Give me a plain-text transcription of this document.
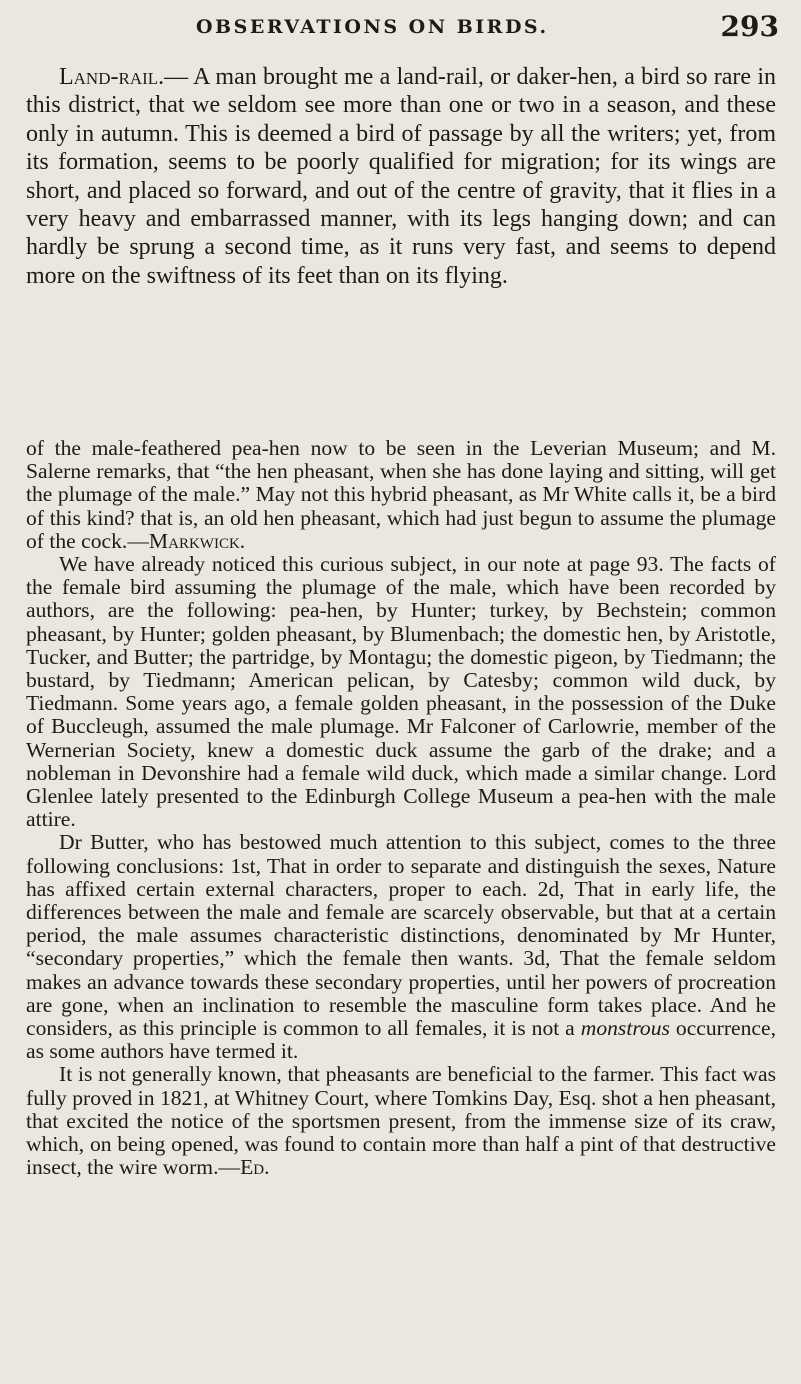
OBSERVATIONS ON BIRDS.	293

Land-rail.— A man brought me a land-rail, or daker-hen, a bird so rare in this district, that we seldom see more than one or two in a season, and these only in autumn. This is deemed a bird of passage by all the writers; yet, from its formation, seems to be poorly qualified for migration; for its wings are short, and placed so forward, and out of the centre of gravity, that it flies in a very heavy and embarrassed manner, with its legs hanging down; and can hardly be sprung a second time, as it runs very fast, and seems to depend more on the swiftness of its feet than on its flying.

of the male-feathered pea-hen now to be seen in the Leverian Museum; and M. Salerne remarks, that “the hen pheasant, when she has done laying and sitting, will get the plumage of the male.” May not this hybrid pheasant, as Mr White calls it, be a bird of this kind? that is, an old hen pheasant, which had just begun to assume the plumage of the cock.—Markwick.

We have already noticed this curious subject, in our note at page 93. The facts of the female bird assuming the plumage of the male, which have been recorded by authors, are the following: pea-hen, by Hunter; turkey, by Bechstein; common pheasant, by Hunter; golden pheasant, by Blumenbach; the domestic hen, by Aristotle, Tucker, and Butter; the partridge, by Montagu; the domestic pigeon, by Tiedmann; the bustard, by Tiedmann; American pelican, by Catesby; common wild duck, by Tiedmann. Some years ago, a female golden pheasant, in the possession of the Duke of Buccleugh, assumed the male plumage. Mr Falconer of Carlowrie, member of the Wernerian Society, knew a domestic duck assume the garb of the drake; and a nobleman in Devonshire had a female wild duck, which made a similar change. Lord Glenlee lately presented to the Edinburgh College Museum a pea-hen with the male attire.

Dr Butter, who has bestowed much attention to this subject, comes to the three following conclusions: 1st, That in order to separate and distinguish the sexes, Nature has affixed certain external characters, proper to each. 2d, That in early life, the differences between the male and female are scarcely observable, but that at a certain period, the male assumes characteristic distinctions, denominated by Mr Hunter, “secondary properties,” which the female then wants. 3d, That the female seldom makes an advance towards these secondary properties, until her powers of procreation are gone, when an inclination to resemble the masculine form takes place. And he considers, as this principle is common to all females, it is not a monstrous occurrence, as some authors have termed it.

It is not generally known, that pheasants are beneficial to the farmer. This fact was fully proved in 1821, at Whitney Court, where Tomkins Day, Esq. shot a hen pheasant, that excited the notice of the sportsmen present, from the immense size of its craw, which, on being opened, was found to contain more than half a pint of that destructive insect, the wire worm.—Ed.
